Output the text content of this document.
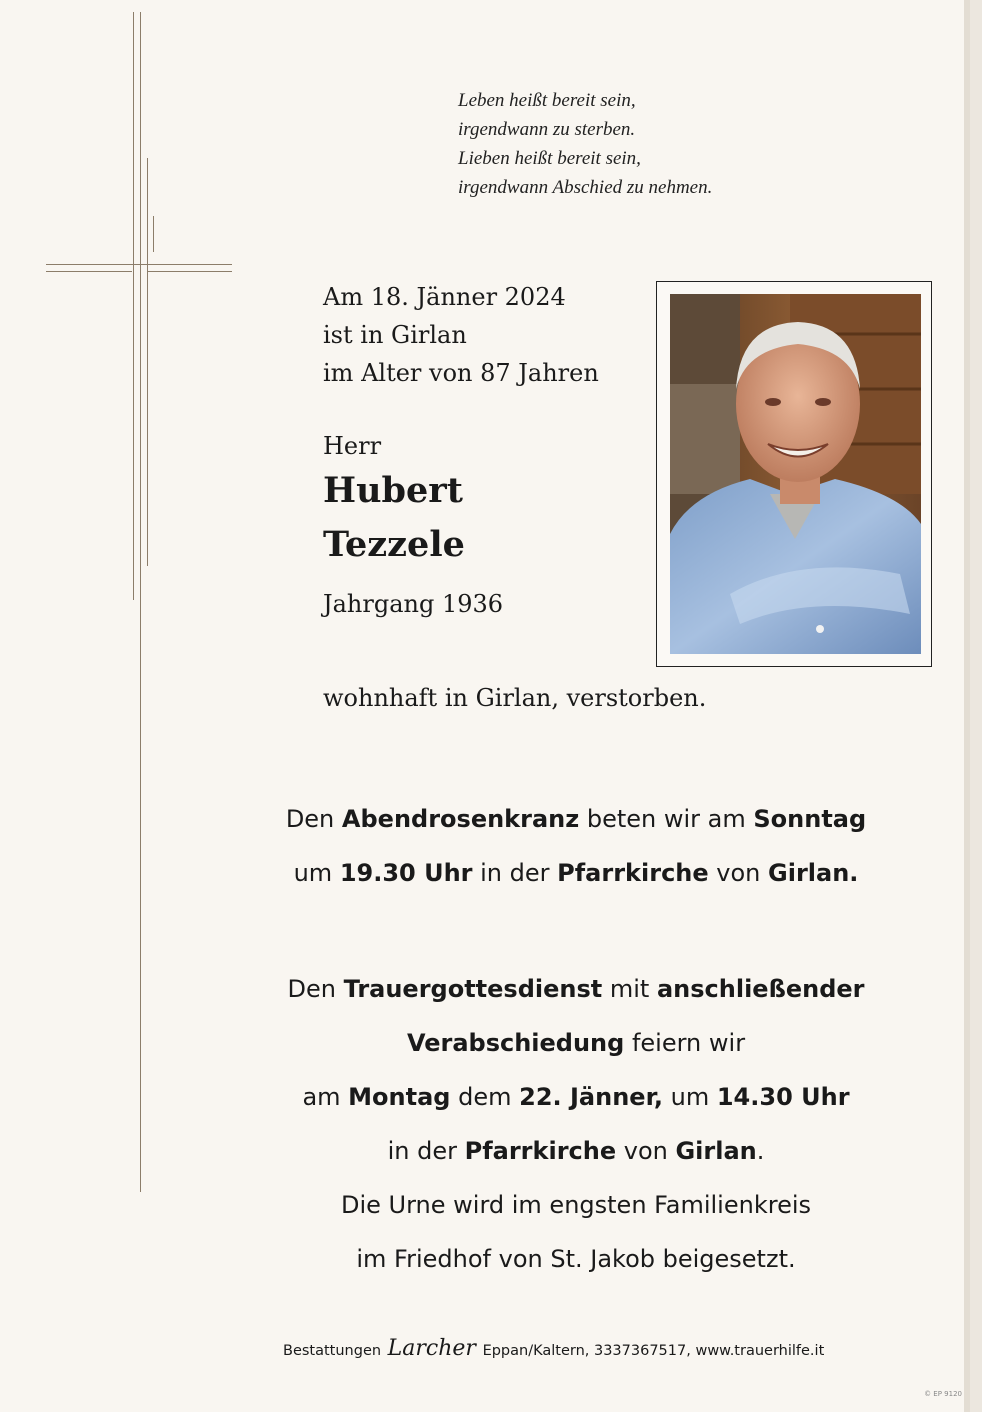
Leben heißt bereit sein,
irgendwann zu sterben.
Lieben heißt bereit sein,
irgendwann Abschied zu nehmen.
Am 18. Jänner 2024
ist in Girlan
im Alter von 87 Jahren
Herr
Hubert
Tezzele
Jahrgang 1936
wohnhaft in Girlan, verstorben.
Den Abendrosenkranz beten wir am Sonntag
um 19.30 Uhr in der Pfarrkirche von Girlan.
Den Trauergottesdienst mit anschließender
Verabschiedung feiern wir
am Montag dem 22. Jänner, um 14.30 Uhr
in der Pfarrkirche von Girlan.
Die Urne wird im engsten Familienkreis
im Friedhof von St. Jakob beigesetzt.
Bestattungen Larcher Eppan/Kaltern, 3337367517, www.trauerhilfe.it
© EP 9120
